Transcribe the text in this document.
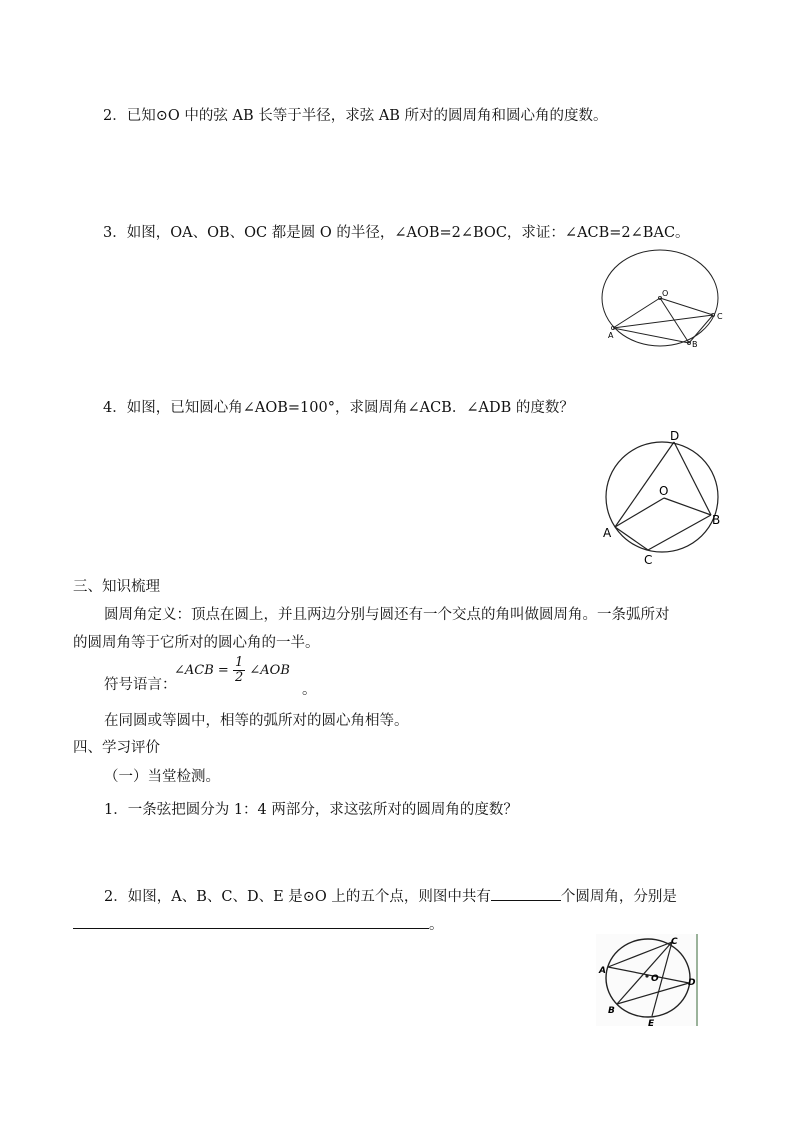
2．已知⊙O 中的弦 AB 长等于半径，求弦 AB 所对的圆周角和圆心角的度数。
3．如图，OA、OB、OC 都是圆 O 的半径，∠AOB=2∠BOC，求证：∠ACB=2∠BAC。
O
A
B
C
4．如图，已知圆心角∠AOB=100°，求圆周角∠ACB．∠ADB 的度数？
D
O
A
B
C
三、知识梳理
圆周角定义：顶点在圆上，并且两边分别与圆还有一个交点的角叫做圆周角。一条弧所对
的圆周角等于它所对的圆心角的一半。
符号语言：
∠ACB = $\frac{1}{2}$ ∠AOB
。
在同圆或等圆中，相等的弧所对的圆心角相等。
四、学习评价
（一）当堂检测。
1．一条弦把圆分为 1：4 两部分，求这弦所对的圆周角的度数？
2．如图，A、B、C、D、E 是⊙O 上的五个点，则图中共有	个圆周角，分别是
。
O
A
B
C
D
E
